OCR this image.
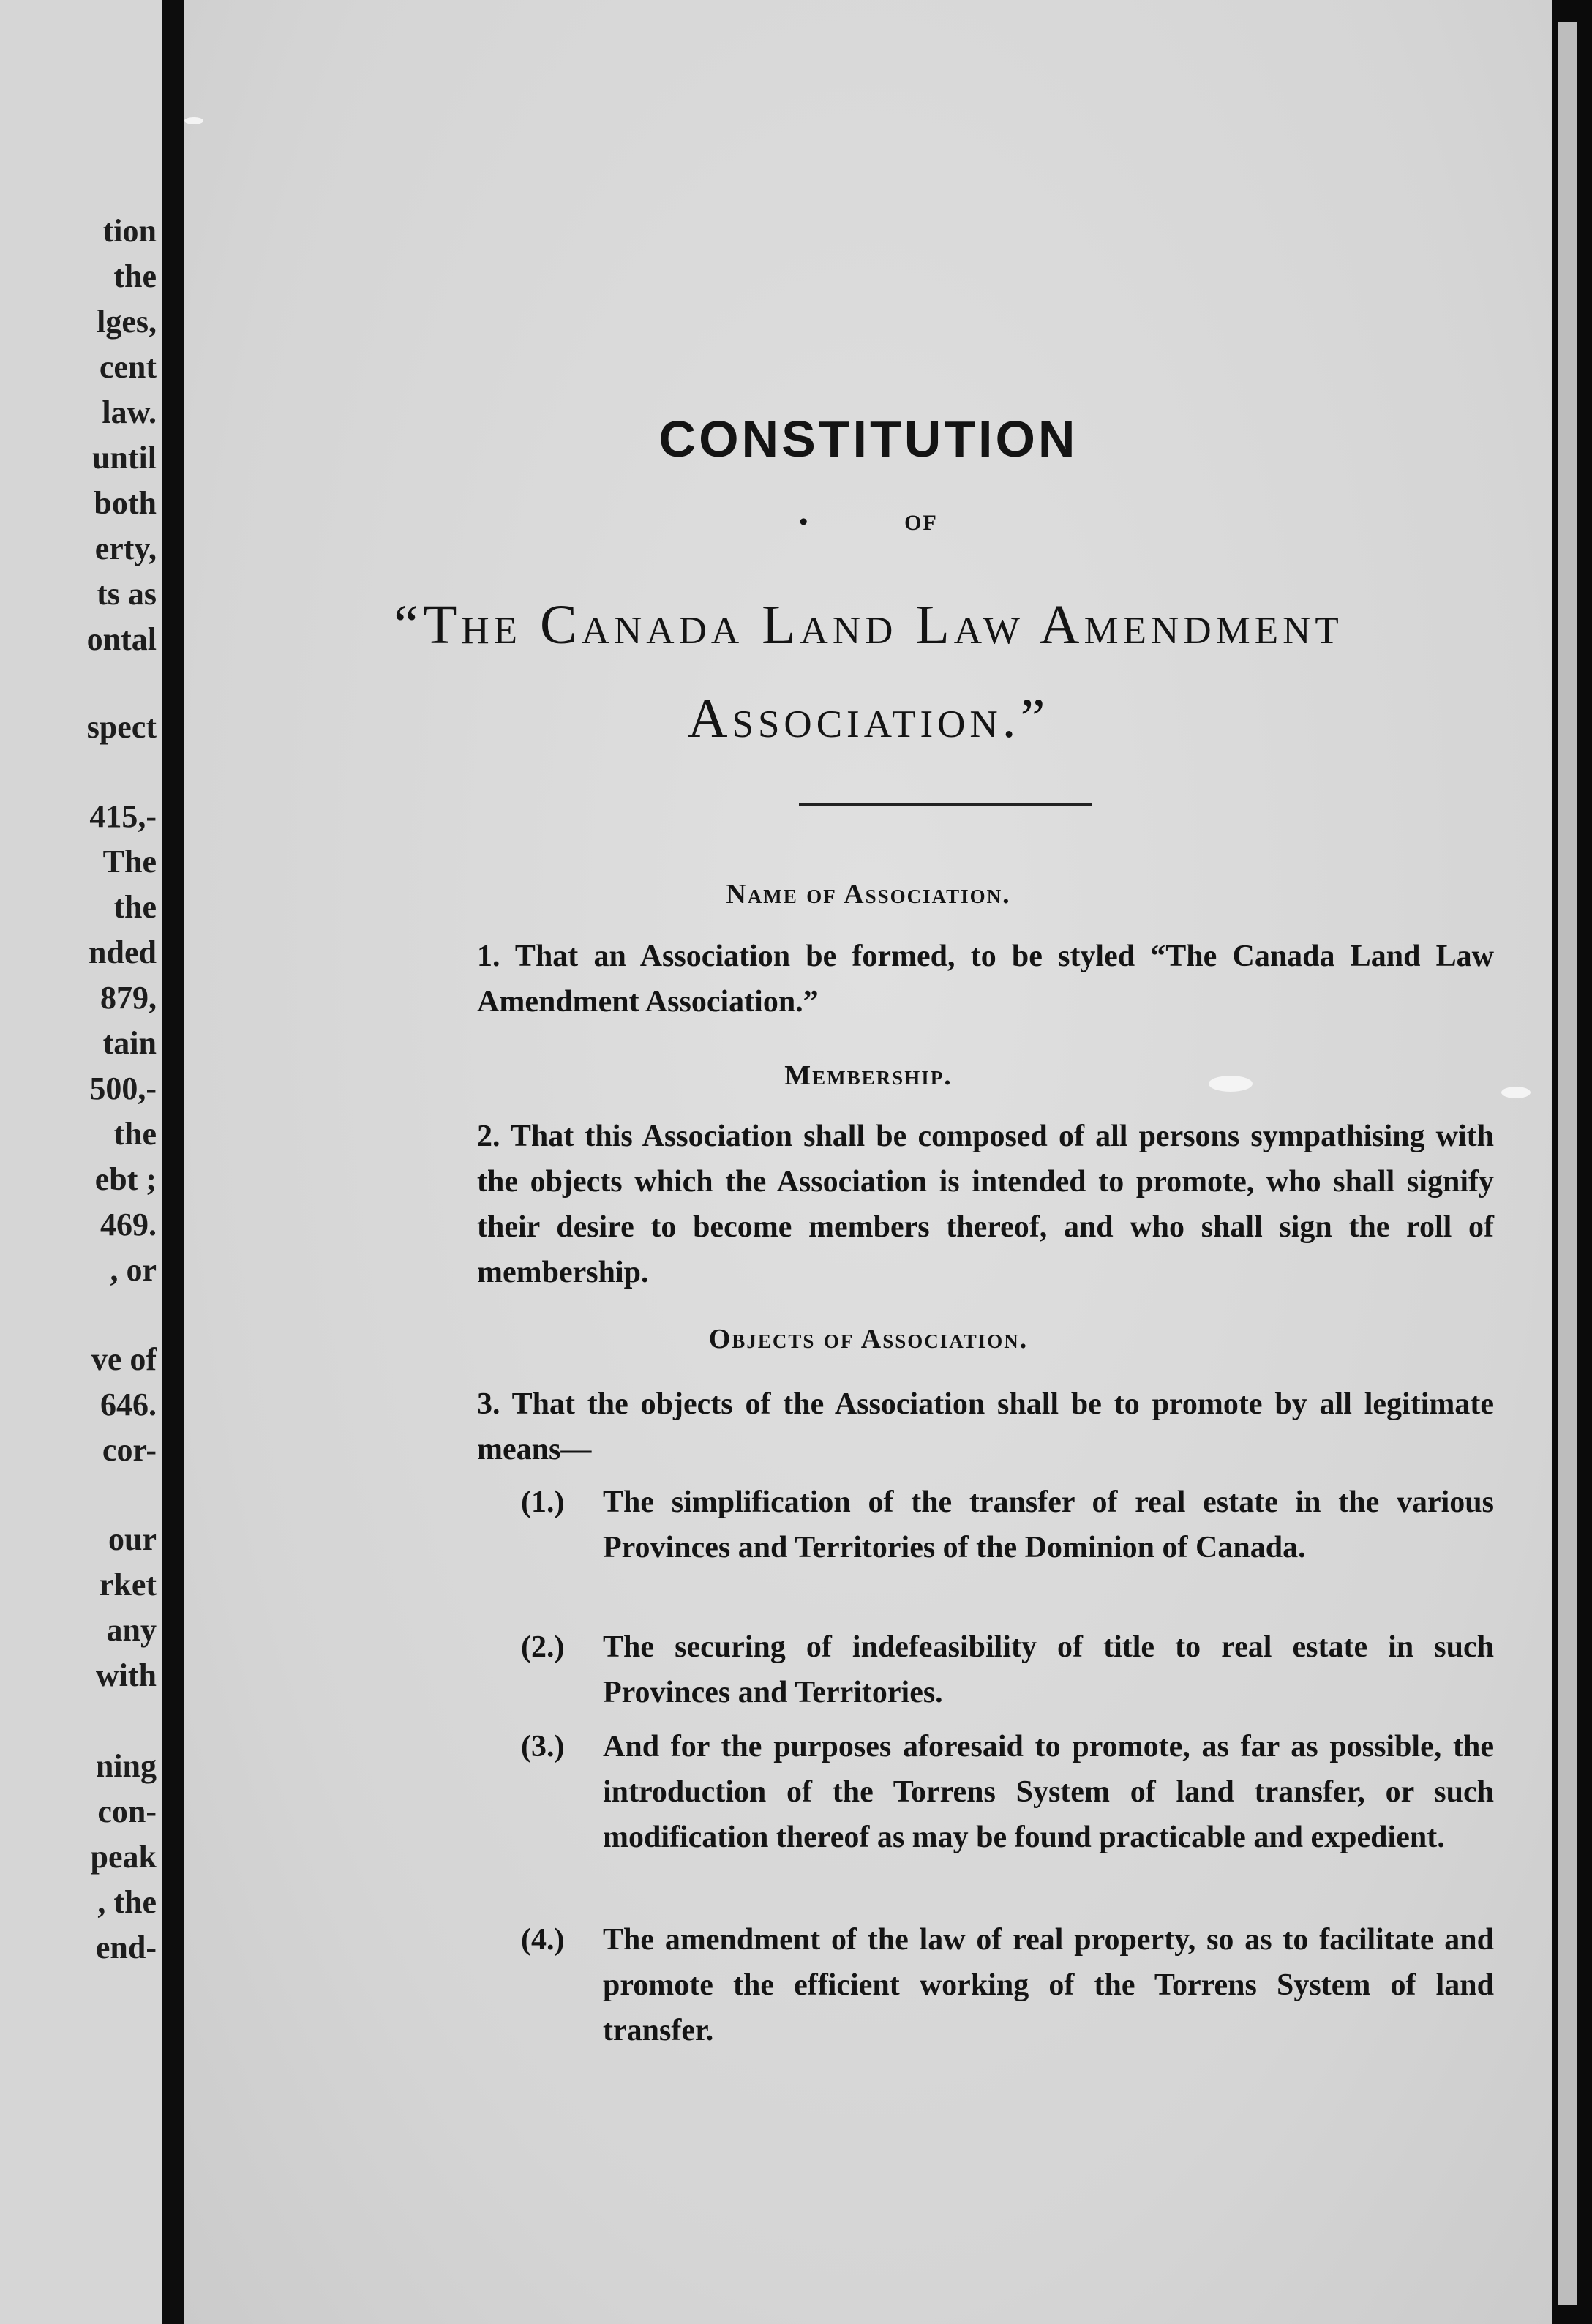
tion
the
lges,
cent
law.
until
both
erty,
ts as
ontal
spect
415,-
The
the
nded
879,
tain
500,-
the
ebt ;
469.
, or
ve of
646.
cor-
our
rket
any
with
ning
con-
peak
, the
end-
CONSTITUTION
•	OF
“The Canada Land Law Amendment
Association.”
Name of Association.
1. That an Association be formed, to be styled “The Canada Land Law Amendment Association.”
Membership.
2. That this Association shall be composed of all persons sympathising with the objects which the Association is intended to promote, who shall signify their desire to become members thereof, and who shall sign the roll of membership.
Objects of Association.
3. That the objects of the Association shall be to promote by all legitimate means—
(1.) The simplification of the transfer of real estate in the various Provinces and Territories of the Dominion of Canada.
(2.) The securing of indefeasibility of title to real estate in such Provinces and Territories.
(3.) And for the purposes aforesaid to promote, as far as possible, the introduction of the Torrens System of land transfer, or such modification thereof as may be found practicable and expedient.
(4.) The amendment of the law of real property, so as to facilitate and promote the efficient working of the Torrens System of land transfer.
